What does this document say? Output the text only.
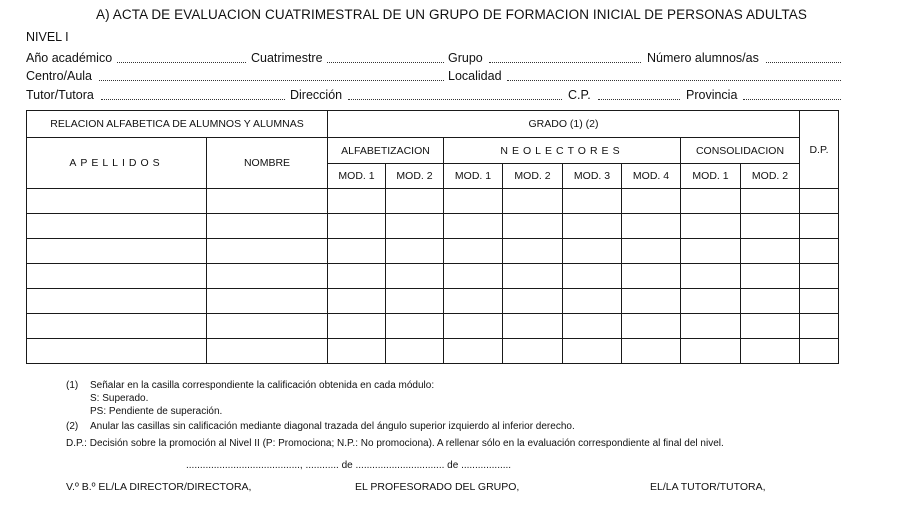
A) ACTA DE EVALUACION CUATRIMESTRAL DE UN GRUPO DE FORMACION INICIAL DE PERSONAS ADULTAS
NIVEL I
Año académico	Cuatrimestre	Grupo	Número alumnos/as
Centro/Aula	Localidad
Tutor/Tutora	Dirección	C.P.	Provincia
RELACION ALFABETICA DE ALUMNOS Y ALUMNAS		GRADO (1) (2)								D.P.
APELLIDOS	NOMBRE	ALFABETIZACION		NEOLECTORES				CONSOLIDACION		
		MOD. 1	MOD. 2	MOD. 1	MOD. 2	MOD. 3	MOD. 4	MOD. 1	MOD. 2	

(1) Señalar en la casilla correspondiente la calificación obtenida en cada módulo:
S: Superado.
PS: Pendiente de superación.
(2) Anular las casillas sin calificación mediante diagonal trazada del ángulo superior izquierdo al inferior derecho.
D.P.: Decisión sobre la promoción al Nivel II (P: Promociona; N.P.: No promociona). A rellenar sólo en la evaluación correspondiente al final del nivel.
........................................., ............ de ................................ de ..................
V.º B.º EL/LA DIRECTOR/DIRECTORA,	EL PROFESORADO DEL GRUPO,	EL/LA TUTOR/TUTORA,
